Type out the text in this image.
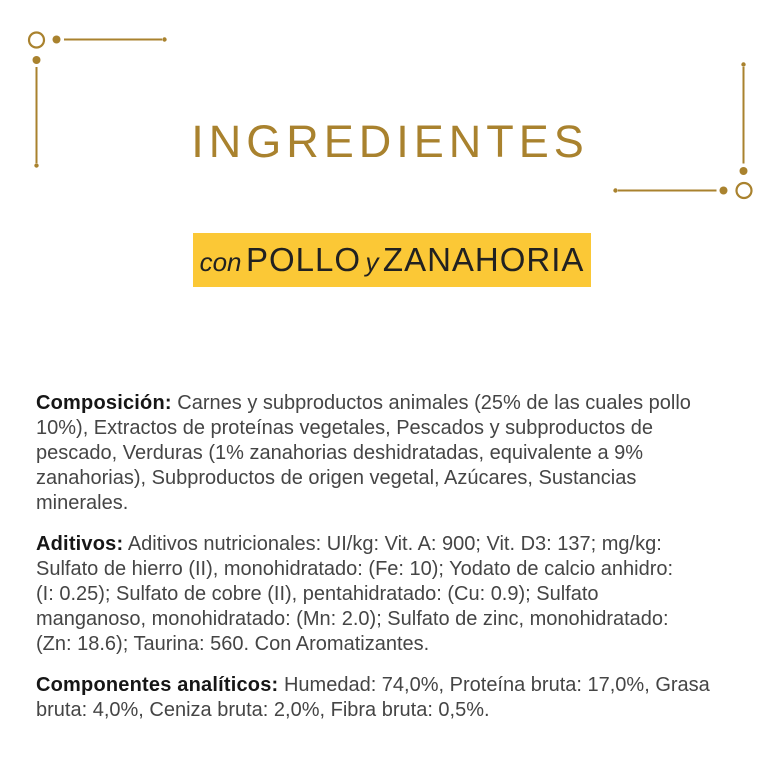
INGREDIENTES
con POLLO y ZANAHORIA

Composición: Carnes y subproductos animales (25% de las cuales pollo
10%), Extractos de proteínas vegetales, Pescados y subproductos de
pescado, Verduras (1% zanahorias deshidratadas, equivalente a 9%
zanahorias), Subproductos de origen vegetal, Azúcares, Sustancias
minerales.

Aditivos: Aditivos nutricionales: UI/kg: Vit. A: 900; Vit. D3: 137; mg/kg:
Sulfato de hierro (II), monohidratado: (Fe: 10); Yodato de calcio anhidro:
(I: 0.25); Sulfato de cobre (II), pentahidratado: (Cu: 0.9); Sulfato
manganoso, monohidratado: (Mn: 2.0); Sulfato de zinc, monohidratado:
(Zn: 18.6); Taurina: 560. Con Aromatizantes.

Componentes analíticos: Humedad: 74,0%, Proteína bruta: 17,0%, Grasa
bruta: 4,0%, Ceniza bruta: 2,0%, Fibra bruta: 0,5%.
